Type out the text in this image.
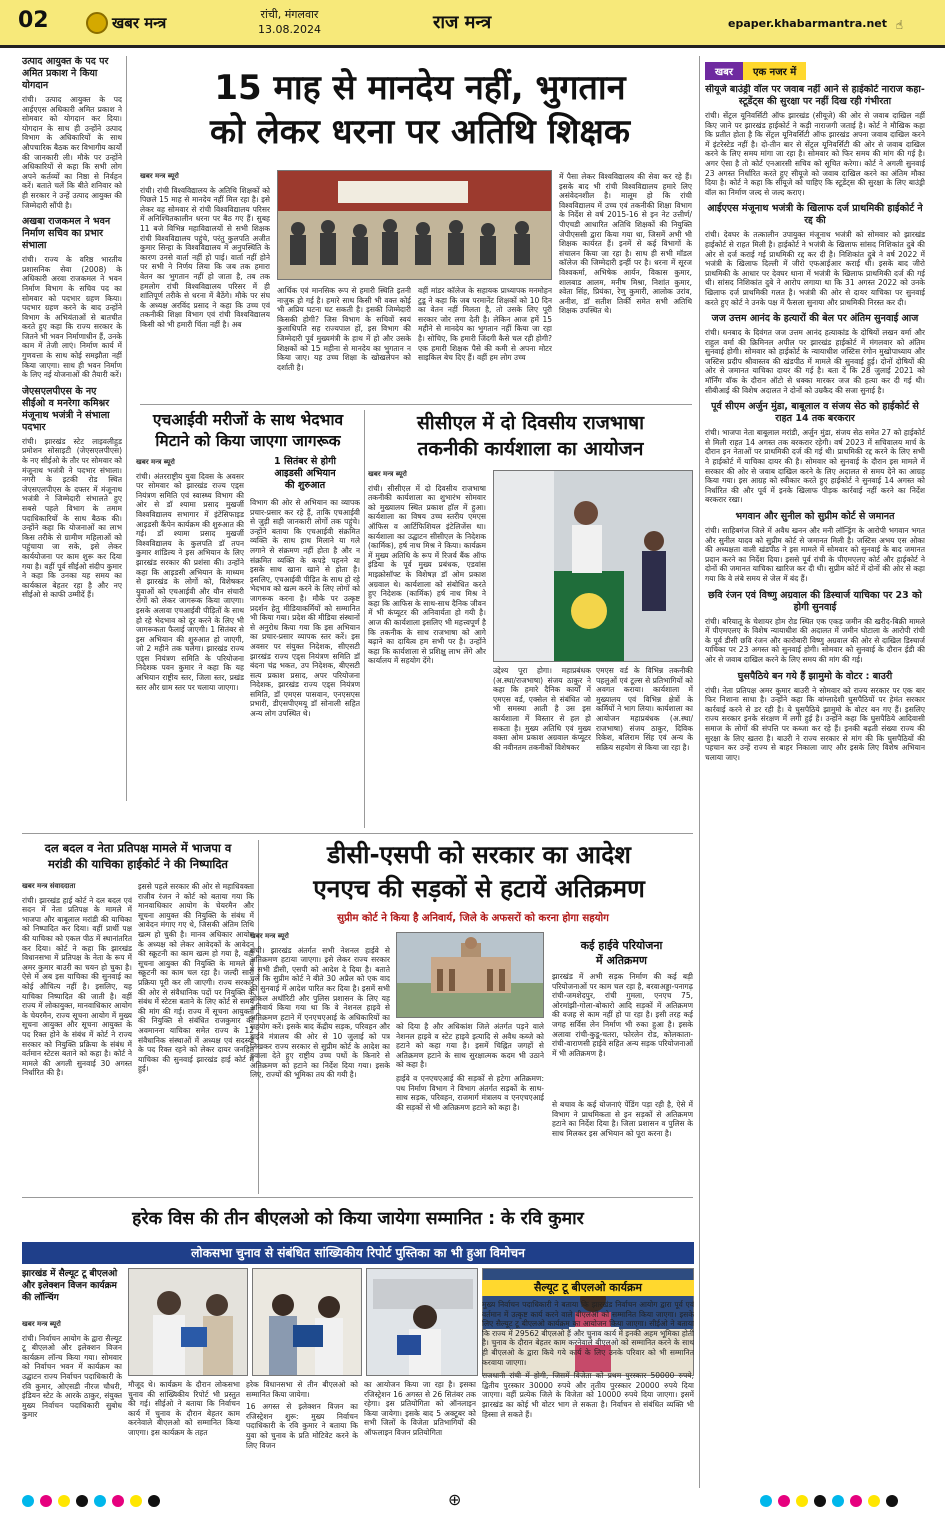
02	खबर मन्त्र	रांची, मंगलवार
13.08.2024	राज मन्त्र	epaper.khabarmantra.net ☝
उत्पाद आयुक्त के पद पर अमित प्रकाश ने किया योगदान

रांची। उत्पाद आयुक्त के पद आईएएस अधिकारी अमित प्रकाश ने सोमवार को योगदान कर दिया। योगदान के साथ ही उन्होंने उत्पाद विभाग के अधिकारियों के साथ औपचारिक बैठक कर विभागीय कार्यों की जानकारी ली। मौके पर उन्होंने अधिकारियों से कहा कि सभी लोग अपने कर्तव्यों का निष्ठा से निर्वहन करें। बताते चलें कि बीते शनिवार को ही सरकार ने उन्हें उत्पाद आयुक्त की जिम्मेदारी सौंपी है।

अखबा राजकमल ने भवन निर्माण सचिव का प्रभार संभाला

रांची। राज्य के वरिष्ठ भारतीय प्रशासनिक सेवा (2008) के अधिकारी अरवा राजकमल ने भवन निर्माण विभाग के सचिव पद का सोमवार को पदभार ग्रहण किया। पदभार ग्रहण करने के बाद उन्होंने विभाग के अभियंताओं से बातचीत करते हुए कहा कि राज्य सरकार के जितने भी भवन निर्माणाधीन हैं, उनके काम में तेजी लाएं। निर्माण कार्य में गुणवत्ता के साथ कोई समझौता नहीं किया जाएगा। साथ ही भवन निर्माण के लिए नई योजनाओं की तैयारी करें।

जेएसएलपीएस के नए सीईओ व मनरेगा कमिश्नर मंजूनाथ भजंत्री ने संभाला पदभार

रांची। झारखंड स्टेट लाइवलीहुड प्रमोशन सोसाइटी (जेएसएलपीएस) के नए सीईओ के तौर पर सोमवार को मंजूनाथ भजंत्री ने पदभार संभाला। नगरी के इटकी रोड स्थित जेएसएलपीएस के दफ्तर में मंजूनाथ भजंत्री ने जिम्मेदारी संभालते हुए सबसे पहले विभाग के तमाम पदाधिकारियों के साथ बैठक की। उन्होंने कहा कि योजनाओं का लाभ किस तरीके से ग्रामीण महिलाओं को पहुंचाया जा सके, इसे लेकर कार्ययोजना पर काम शुरू कर दिया गया है। वहीं पूर्व सीईओ संदीप कुमार ने कहा कि उनका यह समय का कार्यकाल बेहतर रहा है और नए सीईओ से काफी उम्मीदें हैं।

15 माह से मानदेय नहीं, भुगतान
को लेकर धरना पर अतिथि शिक्षक
खबर मन्त्र ब्यूरो

रांची। रांची विश्वविद्यालय के अतिथि शिक्षकों को पिछले 15 माह से मानदेय नहीं मिल रहा है। इसे लेकर वह सोमवार से रांची विश्वविद्यालय परिसर में अनिश्चितकालीन धरना पर बैठ गए हैं। सुबह 11 बजे विभिन्न महाविद्यालयों से सभी शिक्षक रांची विश्वविद्यालय पहुंचे, परंतु कुलपति अजीत कुमार सिन्हा के विश्वविद्यालय में अनुपस्थिति के कारण उनसे वार्ता नहीं हो पाई। वार्ता नहीं होने पर सभी ने निर्णय लिया कि जब तक हमारा वेतन का भुगतान नहीं हो जाता है, तब तक हमलोग रांची विश्वविद्यालय परिसर में ही शांतिपूर्ण तरीके से धरना में बैठेंगे। मौके पर संघ के अध्यक्ष अरविंद प्रसाद ने कहा कि उच्च एवं तकनीकी शिक्षा विभाग एवं रांची विश्वविद्यालय किसी को भी हमारी चिंता नहीं है। अब

आर्थिक एवं मानसिक रूप से हमारी स्थिति इतनी नाजुक हो गई है। हमारे साथ किसी भी वक्त कोई भी अप्रिय घटना घट सकती है। इसकी जिम्मेदारी किसकी होगी? जिस विभाग के सचिवों स्वयं कुलाधिपति सह राज्यपाल हों, इस विभाग की जिम्मेदारी पूर्व मुख्यमंत्री के हाथ में हो और उसके शिक्षकों को 15 महीना से मानदेय का भुगतान न किया जाए। यह उच्च शिक्षा के खोखलेपन को दर्शाती है।

वहीं मांडर कॉलेज के सहायक प्राध्यापक मनमोहन टुडू ने कहा कि जब परमानेंट शिक्षकों को 10 दिन का वेतन नहीं मिलता है, तो उसके लिए पूरी सरकार जोर लगा देती है। लेकिन आज हमें 15 महीने से मानदेय का भुगतान नहीं किया जा रहा है। सोचिए, कि हमारी जिंदगी कैसे चल रही होगी? एक हमारी शिक्षक पैसे की कमी से अपना मोटर साइकिल बेच दिए हैं। वहीं हम लोग उच्च

में पैसा लेकर विश्वविद्यालय की सेवा कर रहे हैं। इसके बाद भी रांची विश्वविद्यालय हमारे लिए असंवेदनशील है। मालूम हो कि रांची विश्वविद्यालय में उच्च एवं तकनीकी शिक्षा विभाग के निर्देश से वर्ष 2015-16 से इन नेट उत्तीर्ण/पीएचडी आधारित अतिथि शिक्षकों की नियुक्ति जेपीएससी द्वारा किया गया था, जिसमें अभी भी शिक्षक कार्यरत हैं। इनमें से कई विभागों के संचालन किया जा रहा है। साथ ही सभी मॉडल कॉलेज की जिम्मेदारी इन्हीं पर है। धरना में सूरज विश्वकर्मा, अभिषेक आर्यन, विकास कुमार, शालबाड आलम, मनीष मिश्रा, निशांत कुमार, श्वेता सिंह, प्रियंका, रेणु कुमारी, आलोक उरांव, अनीश, डॉ सतीश तिर्की समेत सभी अतिथि शिक्षक उपस्थित थे।

एचआईवी मरीजों के साथ भेदभाव
मिटाने को किया जाएगा जागरूक
खबर मन्त्र ब्यूरो

रांची। अंतरराष्ट्रीय युवा दिवस के अवसर पर सोमवार को झारखंड राज्य एड्स नियंत्रण समिति एवं स्वास्थ्य विभाग की ओर से डॉ श्यामा प्रसाद मुखर्जी विश्वविद्यालय सभागार में इंटेंसिफाइड आइडसी कैंपेन कार्यक्रम की शुरुआत की गई। डॉ श्यामा प्रसाद मुखर्जी विश्वविद्यालय के कुलपति डॉ तपन कुमार शांडिल्य ने इस अभियान के लिए झारखंड सरकार की प्रशंसा की। उन्होंने कहा कि आइडसी अभियान के माध्यम से झारखंड के लोगों को, विशेषकर युवाओं को एचआईवी और यौन संचारी रोगों को लेकर जागरूक किया जाएगा। इसके अलावा एचआईवी पीड़ितों के साथ हो रहे भेदभाव को दूर करने के लिए भी जागरूकता फैलाई जाएगी। 1 सितंबर से इस अभियान की शुरुआत हो जाएगी, जो 2 महीने तक चलेगा। झारखंड राज्य एड्स नियंत्रण समिति के परियोजना निदेशक पवन कुमार ने कहा कि यह अभियान राष्ट्रीय स्तर, जिला स्तर, प्रखंड स्तर और ग्राम स्तर पर चलाया जाएगा।

1 सितंबर से होगी
आइडसी अभियान
की शुरुआत

विभाग की ओर से अभियान का व्यापक प्रचार-प्रसार कर रहे हैं, ताकि एचआईवी से जुड़ी सही जानकारी लोगों तक पहुंचे। उन्होंने बताया कि एचआईवी संक्रमित व्यक्ति के साथ हाथ मिलाने या गले लगाने से संक्रमण नहीं होता है और न संक्रमित व्यक्ति के कपड़े पहनने या इसके साथ खाना खाने से होता है। इसलिए, एचआईवी पीड़ित के साथ हो रहे भेदभाव को खत्म करने के लिए लोगों को जागरूक करना है। मौके पर उत्कृष्ट प्रदर्शन हेतु मीडियाकर्मियों को सम्मानित भी किया गया। प्रदेश की मीडिया संस्थानों से अनुरोध किया गया कि इस अभियान का प्रचार-प्रसार व्यापक स्तर करें। इस अवसर पर संयुक्त निदेशक, सीएसटी झारखंड राज्य एड्स नियंत्रण समिति डॉ बंदना चंद्र भकत, उप निदेशक, बीएसटी सत्य प्रकाश प्रसाद, अपर परियोजना निदेशक, झारखंड राज्य एड्स नियंत्रण समिति, डॉ एमएस पासवान, एनएसएस प्रभारी, डीएसपीएमयू डॉ सोनाली सहित अन्य लोग उपस्थित थे।

सीसीएल में दो दिवसीय राजभाषा
तकनीकी कार्यशाला का आयोजन
खबर मन्त्र ब्यूरो

रांची। सीसीएल में दो दिवसीय राजभाषा तकनीकी कार्यशाला का शुभारंभ सोमवार को मुख्यालय स्थित प्रकाश हॉल में हुआ। कार्यशाला का विषय उच्च स्तरीय एमएस ऑफिस व आर्टिफिशियल इंटेलिजेंस था। कार्यशाला का उद्घाटन सीसीएल के निदेशक (कार्मिक), हर्ष नाथ मिश्र ने किया। कार्यक्रम में मुख्य अतिथि के रूप में रिजर्व बैंक ऑफ इंडिया के पूर्व मुख्य प्रबंधक, एडवांस माइक्रोसॉफ्ट के विशेषज्ञ डॉ ओम प्रकाश अग्रवाल थे। कार्यशाला को संबोधित करते हुए निदेशक (कार्मिक) हर्ष नाथ मिश्र ने कहा कि आफिस के साथ-साथ दैनिक जीवन में भी कंप्यूटर की अनिवार्यता हो गयी है। आज की कार्यशाला इसलिए भी महत्त्वपूर्ण है कि तकनीक के साथ राजभाषा को आगे बढ़ाने का दायित्व हम सभी पर है। उन्होंने कहा कि कार्यशाला से प्रशिक्षु लाभ लेंगे और कार्यालय में सहयोग देंगे।

उद्देश्य पूरा होगा। महाप्रबंधक (अ.स्था/राजभाषा) संजय ठाकुर ने कहा कि हमारे दैनिक कार्यों में एमएस वर्ड, एक्सेल से संबंधित जो भी समस्या आती है उस इस कार्यशाला में विस्तार से हल हो सकता है। मुख्य अतिथि एवं मुख्य वक्ता ओम प्रकाश अग्रवाल कंप्यूटर की नवीनतम तकनीकों विशेषकर

एमएस वर्ड के विभिन्न तकनीकी पहलुओं एवं टूल्स से प्रतिभागियों को अवगत कराया। कार्यशाला में मुख्यालय एवं विभिन्न क्षेत्रों के कर्मियों ने भाग लिया। कार्यशाला का आयोजन महाप्रबंधक (अ.स्था/राजभाषा) संजय ठाकुर, दिविक रिकेश, बलिराम सिंह एवं अन्य के सक्रिय सहयोग से किया जा रहा है।

दल बदल व नेता प्रतिपक्ष मामले में भाजपा व
मरांडी की याचिका हाईकोर्ट ने की निष्पादित
खबर मन्त्र संवाददाता

रांची। झारखंड हाई कोर्ट ने दल बदल एवं सदन में नेता प्रतिपक्ष के मामले में भाजपा और बाबूलाल मरांडी की याचिका को निष्पादित कर दिया। वहीं प्रार्थी पक्ष की याचिका को एकल पीठ में स्थानांतरित कर दिया। कोर्ट ने कहा कि झारखंड विधानसभा में प्रतिपक्ष के नेता के रूप में अमर कुमार बाउरी का चयन हो चुका है। ऐसे में अब इस याचिका की सुनवाई का कोई औचित्य नहीं है। इसलिए, यह याचिका निष्पादित की जाती है। वहीं राज्य में लोकायुक्त, मानवाधिकार आयोग के चेयरमैन, राज्य सूचना आयोग में मुख्य सूचना आयुक्त और सूचना आयुक्त के पद रिक्त होने के संबंध में कोर्ट ने राज्य सरकार को नियुक्ति प्रक्रिया के संबंध में वर्तमान स्टेटस बताने को कहा है। कोर्ट ने मामले की अगली सुनवाई 30 अगस्त निर्धारित की है।

इससे पहले सरकार की ओर से महाधिवक्ता राजीव रंजन ने कोर्ट को बताया गया कि मानवाधिकार आयोग के चेयरमैन और सूचना आयुक्त की नियुक्ति के संबंध में आवेदन मंगाए गए थे, जिसकी अंतिम तिथि खत्म हो चुकी है। मानव अधिकार आयोग के अध्यक्ष को लेकर आवेदकों के आवेदन की स्क्रूटनी का काम खत्म हो गया है, वहीं सूचना आयुक्त की नियुक्ति के मामले में स्क्रूटनी का काम चल रहा है। जल्दी सारी प्रक्रिया पूरी कर ली जाएगी। राज्य सरकार की ओर से संवैधानिक पदों पर नियुक्ति के संबंध में स्टेटस बताने के लिए कोर्ट से समय की मांग की गई। राज्य में सूचना आयुक्तों की नियुक्ति से संबंधित राजकुमार की अवमानना याचिका समेत राज्य के 12 संवैधानिक संस्थाओं में अध्यक्ष एवं सदस्यों के पद रिक्त रहने को लेकर दायर जनहित याचिका की सुनवाई झारखंड हाई कोर्ट में हुई।

डीसी-एसपी को सरकार का आदेश
एनएच की सड़कों से हटायें अतिक्रमण
सुप्रीम कोर्ट ने किया है अनिवार्य, जिले के अफसरों को करना होगा सहयोग
खबर मन्त्र ब्यूरो

रांची। झारखंड अंतर्गत सभी नेशनल हाईवे से अतिक्रमण हटाया जाएगा। इसे लेकर राज्य सरकार ने सभी डीसी, एसपी को आदेश दे दिया है। बताते चलें कि सुप्रीम कोर्ट ने बीते 30 अप्रैल को एक वाद की सुनवाई में आदेश पारित कर दिया है। इसमें सभी लोकल अथॉरिटी और पुलिस प्रशासन के लिए यह अनिवार्य किया गया था कि वे नेशनल हाइवे से अतिक्रमण हटाने में एनएचएआई के अधिकारियों का सहयोग करें। इसके बाद केंद्रीय सड़क, परिवहन और हाईवे मंत्रालय की ओर से 10 जुलाई को पत्र लिखकर राज्य सरकार से सुप्रीम कोर्ट के आदेश का हवाला देते हुए राष्ट्रीय उच्च पथों के किनारे से अतिक्रमण को हटाने का निर्देश दिया गया। इसके लिए, राज्यों की भूमिका तय की गयी है।

को दिया है और अधिकांश जिले अंतर्गत पड़ने वाले नेशनल हाइवे व स्टेट हाइवे इत्यादि से अवैध कब्जे को हटाने को कहा गया है। इसमें चिह्नित जगहों से अतिक्रमण हटाने के साथ सुरक्षात्मक कदम भी उठाने को कहा है।

हाईवे व एनएचएआई की सड़कों से हटेगा अतिक्रमण: पथ निर्माण विभाग ने विभाग अंतर्गत सड़कों के साथ-साथ सड़क, परिवहन, राजमार्ग मंत्रालय व एनएचएआई की सड़कों से भी अतिक्रमण हटाने को कहा है।

कई हाईवे परियोजना
में अतिक्रमण

झारखंड में अभी सड़क निर्माण की कई बड़ी परियोजनाओं पर काम चल रहा है, बरवाअड्डा-पनागढ़ रांची-जमशेदपुर, रांची गुमला, एनएच 75, ओरमांझी-गोला-बोकारो आदि सड़कों में अतिक्रमण की वजह से काम नहीं हो पा रहा है। इसी तरह कई जगह सर्विस लेन निर्माण भी रुका हुआ है। इसके अलावा रांची-कुडू-चतरा, फोरलेन रोड, कोलकाता-रांची-वाराणसी हाईवे सहित अन्य सड़क परियोजनाओं में भी अतिक्रमण है।

से बचाव के कई योजनाएं पेंडिंग पड़ा रही है, ऐसे में विभाग ने प्राथमिकता से इन सड़कों से अतिक्रमण हटाने का निर्देश दिया है। जिला प्रशासन व पुलिस के साथ मिलकर इस अभियान को पूरा करना है।

हरेक विस की तीन बीएलओ को किया जायेगा सम्मानित : के रवि कुमार
लोकसभा चुनाव से संबंधित सांख्यिकीय रिपोर्ट पुस्तिका का भी हुआ विमोचन
झारखंड में सैल्यूट टू बीएलओ और इलेक्शन विजन कार्यक्रम की लॉन्चिंग
खबर मन्त्र ब्यूरो

रांची। निर्वाचन आयोग के द्वारा सैल्यूट टू बीएलओ और इलेक्शन विजन कार्यक्रम लॉन्च किया गया। सोमवार को निर्वाचन भवन में कार्यक्रम का उद्घाटन राज्य निर्वाचन पदाधिकारी के रवि कुमार, ओएसडी नीरज चौधरी, इंडियन स्टेट के आरके ठाकुर, संयुक्त मुख्य निर्वाचन पदाधिकारी सुबोध कुमार

मौजूद थे। कार्यक्रम के दौरान लोकसभा चुनाव की सांख्यिकीय रिपोर्ट भी प्रस्तुत की गई। सीईओ ने बताया कि निर्वाचन कार्य में चुनाव के दौरान बेहतर काम करनेवाले बीएलओ को सम्मानित किया जाएगा। इस कार्यक्रम के तहत

हरेक विधानसभा से तीन बीएलओ को सम्मानित किया जायेगा।

16 अगस्त से इलेक्शन विजन का रजिस्ट्रेशन शुरू: मुख्य निर्वाचन पदाधिकारी के रवि कुमार ने बताया कि युवा को चुनाव के प्रति मोटिवेट करने के लिए विजन

का आयोजन किया जा रहा है। इसका रजिस्ट्रेशन 16 अगस्त से 26 सितंबर तक रहेगा। इस प्रतियोगिता को ऑनलाइन किया जायेगा। इसके बाद 5 अक्टूबर को सभी जिलों के विजेता प्रतिभागियों की ऑफलाइन विजन प्रतियोगिता

सैल्यूट टू बीएलओ कार्यक्रम

मुख्य निर्वाचन पदाधिकारी ने बताया कि झारखंड निर्वाचन आयोग द्वारा पूर्व एवं वर्तमान में उत्कृष्ट कार्य करने वाले बीएलओ को सम्मानित किया जाएगा। इसके लिए सैल्यूट टू बीएलओ कार्यक्रम का आयोजन किया जाएगा। सीईओ ने बताया कि राज्य में 29562 बीएलओ हैं और चुनाव कार्य में इनकी अहम भूमिका होती है। चुनाव के दौरान बेहतर काम करनेवाले बीएलओ को सम्मानित करने के साथ ही बीएलओ के द्वारा किये गये कार्य के लिए उनके परिवार को भी सम्मानित करवाया जाएगा।

राजधानी रांची में होगी, जिसमें विजेता को प्रथम पुरस्कार 50000 रुपये, द्वितीय पुरस्कार 30000 रुपये और तृतीय पुरस्कार 20000 रुपये दिया जाएगा। वहीं प्रत्येक जिले के विजेता को 10000 रुपये दिया जाएगा। इसमें झारखंड का कोई भी वोटर भाग ले सकता है। निर्वाचन से संबंधित व्यक्ति भी हिस्सा ले सकते हैं।

खबर एक नजर में
सीयूजे बाउंड्री वॉल पर जवाब नहीं आने से हाईकोर्ट नाराज कहा- स्टूडेंट्स की सुरक्षा पर नहीं दिख रही गंभीरता

रांची। सेंट्रल यूनिवर्सिटी ऑफ झारखंड (सीयूजे) की ओर से जवाब दाखिल नहीं किए जाने पर झारखंड हाईकोर्ट ने कड़ी नाराजगी जताई है। कोर्ट ने मौखिक कहा कि प्रतीत होता है कि सेंट्रल यूनिवर्सिटी ऑफ झारखंड अपना जवाब दाखिल करने में इंटरेस्टेड नहीं है। दो-तीन बार से सेंट्रल यूनिवर्सिटी की ओर से जवाब दाखिल करने के लिए समय मांगा जा रहा है। सोमवार को फिर समय की मांग की गई है। अगर ऐसा है तो कोर्ट एनआरसी सचिव को सूचित करेगा। कोर्ट ने अगली सुनवाई 23 अगस्त निर्धारित करते हुए सीयूजे को जवाब दाखिल करने का अंतिम मौका दिया है। कोर्ट ने कहा कि सीयूजे को चाहिए कि स्टूडेंट्स की सुरक्षा के लिए बाउंड्री वॉल का निर्माण जल्द से जल्द कराए।

आईएएस मंजूनाथ भजंत्री के खिलाफ दर्ज प्राथमिकी हाईकोर्ट ने रद्द की

रांची। देवघर के तत्कालीन उपायुक्त मंजूनाथ भजंत्री को सोमवार को झारखंड हाईकोर्ट से राहत मिली है। हाईकोर्ट ने भजंत्री के खिलाफ सांसद निशिकांत दुबे की ओर से दर्ज कराई गई प्राथमिकी रद्द कर दी है। निशिकांत दुबे ने वर्ष 2022 में भजंत्री के खिलाफ दिल्ली में जीरो एफआईआर कराई थी। इसके बाद जीरो प्राथमिकी के आधार पर देवघर थाना में भजंत्री के खिलाफ प्राथमिकी दर्ज की गई थी। सांसद निशिकांत दुबे ने आरोप लगाया था कि 31 अगस्त 2022 को उनके खिलाफ दर्ज प्राथमिकी गलत है। भजंत्री की ओर से दायर याचिका पर सुनवाई करते हुए कोर्ट ने उनके पक्ष में फैसला सुनाया और प्राथमिकी निरस्त कर दी।

जज उत्तम आनंद के हत्यारों की बेल पर अंतिम सुनवाई आज

रांची। धनबाद के दिवंगत जज उत्तम आनंद हत्याकांड के दोषियों लखन वर्मा और राहुल वर्मा की क्रिमिनल अपील पर झारखंड हाईकोर्ट में मंगलवार को अंतिम सुनवाई होगी। सोमवार को हाईकोर्ट के न्यायाधीश जस्टिस रंगोन मुखोपाध्याय और जस्टिस प्रदीप श्रीवास्तव की खंडपीठ में मामले की सुनवाई हुई। दोनों दोषियों की ओर से जमानत याचिका दायर की गई है। बता दें कि 28 जुलाई 2021 को मॉर्निंग वॉक के दौरान ऑटो से धक्का मारकर जज की हत्या कर दी गई थी। सीबीआई की विशेष अदालत ने दोनों को उम्रकैद की सजा सुनाई है।

पूर्व सीएम अर्जुन मुंडा, बाबूलाल व संजय सेठ को हाईकोर्ट से राहत 14 तक बरकरार

रांची। भाजपा नेता बाबूलाल मरांडी, अर्जुन मुंडा, संजय सेठ समेत 27 को हाईकोर्ट से मिली राहत 14 अगस्त तक बरकरार रहेगी। वर्ष 2023 में सचिवालय मार्च के दौरान इन नेताओं पर प्राथमिकी दर्ज की गई थी। प्राथमिकी रद्द करने के लिए सभी ने हाईकोर्ट में याचिका दायर की है। सोमवार को सुनवाई के दौरान इस मामले में सरकार की ओर से जवाब दाखिल करने के लिए अदालत से समय देने का आग्रह किया गया। इस आग्रह को स्वीकार करते हुए हाईकोर्ट ने सुनवाई 14 अगस्त को निर्धारित की और पूर्व में इनके खिलाफ पीड़क कार्रवाई नहीं करने का निर्देश बरकरार रखा।

भगवान और सुनील को सुप्रीम कोर्ट से जमानत

रांची। साहिबगंज जिले में अवैध खनन और मनी लॉन्ड्रिंग के आरोपी भगवान भगत और सुनील यादव को सुप्रीम कोर्ट से जमानत मिली है। जस्टिस अभय एस ओका की अध्यक्षता वाली खंडपीठ ने इस मामले में सोमवार को सुनवाई के बाद जमानत प्रदान करने का निर्देश दिया। इससे पूर्व रांची के पीएमएलए कोर्ट और हाईकोर्ट ने दोनों की जमानत याचिका खारिज कर दी थी। सुप्रीम कोर्ट में दोनों की ओर से कहा गया कि वे लंबे समय से जेल में बंद हैं।

छवि रंजन एवं विष्णु अग्रवाल की डिस्चार्ज याचिका पर 23 को होगी सुनवाई

रांची। बरियातू के चेशायर होम रोड स्थित एक एकड़ जमीन की खरीद-बिक्री मामले में पीएमएलए के विशेष न्यायाधीश की अदालत में जमीन घोटाला के आरोपी रांची के पूर्व डीसी छवि रंजन और कारोबारी विष्णु अग्रवाल की ओर से दाखिल डिस्चार्ज याचिका पर 23 अगस्त को सुनवाई होगी। सोमवार को सुनवाई के दौरान ईडी की ओर से जवाब दाखिल करने के लिए समय की मांग की गई।

घुसपैठिये बन गये हैं झामुमो के वोटर : बाउरी

रांची। नेता प्रतिपक्ष अमर कुमार बाउरी ने सोमवार को राज्य सरकार पर एक बार फिर निशाना साधा है। उन्होंने कहा कि बांग्लादेशी घुसपैठियों पर हेमंत सरकार कार्रवाई करने से डर रही है। ये घुसपैठिये झामुमो के वोटर बन गए हैं। इसलिए राज्य सरकार इनके संरक्षण में लगी हुई है। उन्होंने कहा कि घुसपैठिये आदिवासी समाज के लोगों की संपत्ति पर कब्जा कर रहे हैं। इनकी बढ़ती संख्या राज्य की सुरक्षा के लिए खतरा है। बाउरी ने राज्य सरकार से मांग की कि घुसपैठियों की पहचान कर उन्हें राज्य से बाहर निकाला जाए और इसके लिए विशेष अभियान चलाया जाए।

⊕
